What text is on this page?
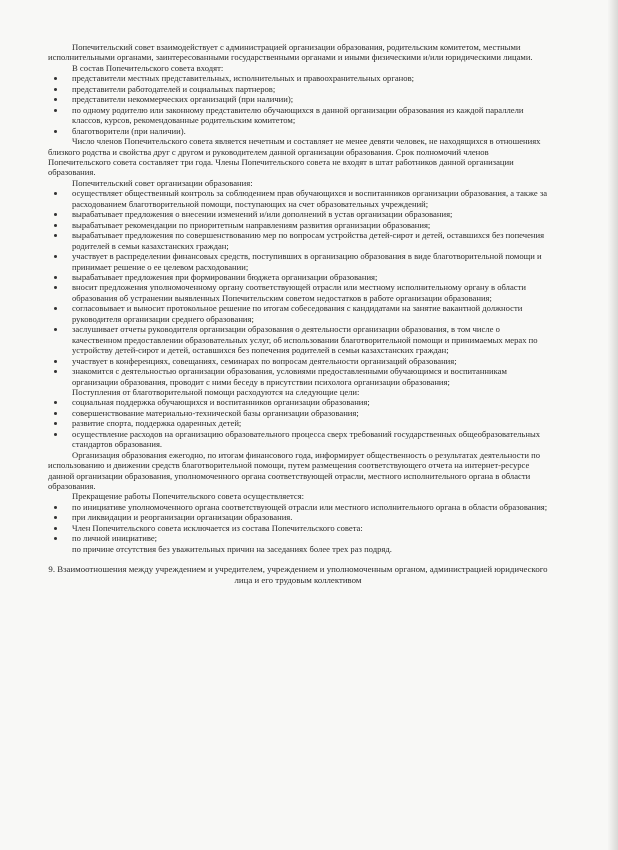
Попечительский совет взаимодействует с администрацией организации образования, родительским комитетом, местными исполнительными органами, заинтересованными государственными органами и иными физическими и/или юридическими лицами.

В состав Попечительского совета входят:

представители местных представительных, исполнительных и правоохранительных органов;
представители работодателей и социальных партнеров;
представители некоммерческих организаций (при наличии);
по одному родителю или законному представителю обучающихся в данной организации образования из каждой параллели классов, курсов, рекомендованные родительским комитетом;
благотворители (при наличии).

Число членов Попечительского совета является нечетным и составляет не менее девяти человек, не находящихся в отношениях близкого родства и свойства друг с другом и руководителем данной организации образования. Срок полномочий членов Попечительского совета составляет три года. Члены Попечительского совета не входят в штат работников данной организации образования.

Попечительский совет организации образования:

осуществляет общественный контроль за соблюдением прав обучающихся и воспитанников организации образования, а также за расходованием благотворительной помощи, поступающих на счет образовательных учреждений;
вырабатывает предложения о внесении изменений и/или дополнений в устав организации образования;
вырабатывает рекомендации по приоритетным направлениям развития организации образования;
вырабатывает предложения по совершенствованию мер по вопросам устройства детей-сирот и детей, оставшихся без попечения родителей в семьи казахстанских граждан;
участвует в распределении финансовых средств, поступивших в организацию образования в виде благотворительной помощи и принимает решение о ее целевом расходовании;
вырабатывает предложения при формировании бюджета организации образования;
вносит предложения уполномоченному органу соответствующей отрасли или местному исполнительному органу в области образования об устранении выявленных Попечительским советом недостатков в работе организации образования;
согласовывает и выносит протокольное решение по итогам собеседования с кандидатами на занятие вакантной должности руководителя организации среднего образования;
заслушивает отчеты руководителя организации образования о деятельности организации образования, в том числе о качественном предоставлении образовательных услуг, об использовании благотворительной помощи и принимаемых мерах по устройству детей-сирот и детей, оставшихся без попечения родителей в семьи казахстанских граждан;
участвует в конференциях, совещаниях, семинарах по вопросам деятельности организаций образования;
знакомится с деятельностью организации образования, условиями предоставленными обучающимся и воспитанникам организации образования, проводит с ними беседу в присутствии психолога организации образования;

Поступления от благотворительной помощи расходуются на следующие цели:

социальная поддержка обучающихся и воспитанников организации образования;
совершенствование материально-технической базы организации образования;
развитие спорта, поддержка одаренных детей;
осуществление расходов на организацию образовательного процесса сверх требований государственных общеобразовательных стандартов образования.

Организация образования ежегодно, по итогам финансового года, информирует общественность о результатах деятельности по использованию и движении средств благотворительной помощи, путем размещения соответствующего отчета на интернет-ресурсе данной организации образования, уполномоченного органа соответствующей отрасли, местного исполнительного органа в области образования.

Прекращение работы Попечительского совета осуществляется:

по инициативе уполномоченного органа соответствующей отрасли или местного исполнительного органа в области образования;
при ликвидации и реорганизации организации образования.
Член Попечительского совета исключается из состава Попечительского совета:
по личной инициативе;

по причине отсутствия без уважительных причин на заседаниях более трех раз подряд.

9. Взаимоотношения между учреждением и учредителем, учреждением и уполномоченным органом, администрацией юридического лица и его трудовым коллективом
